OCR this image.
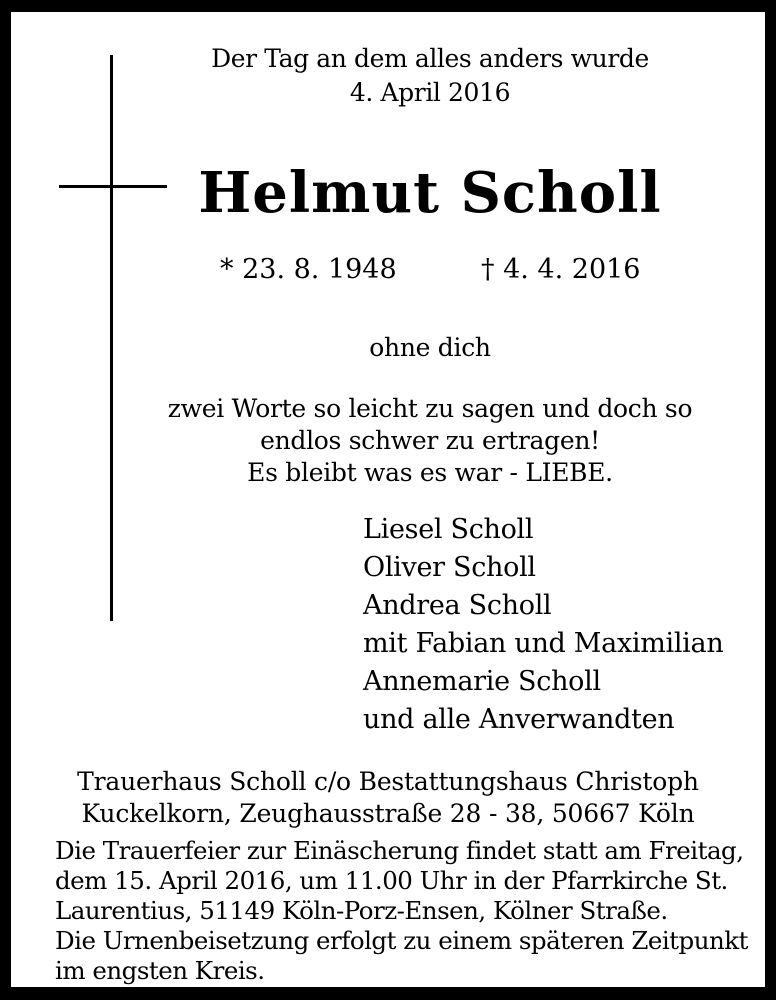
Der Tag an dem alles anders wurde
4. April 2016
Helmut Scholl
* 23. 8. 1948	† 4. 4. 2016
ohne dich
zwei Worte so leicht zu sagen und doch so
endlos schwer zu ertragen!
Es bleibt was es war - LIEBE.
Liesel Scholl
Oliver Scholl
Andrea Scholl
mit Fabian und Maximilian
Annemarie Scholl
und alle Anverwandten
Trauerhaus Scholl c/o Bestattungshaus Christoph
Kuckelkorn, Zeughausstraße 28 - 38, 50667 Köln
Die Trauerfeier zur Einäscherung findet statt am Freitag,
dem 15. April 2016, um 11.00 Uhr in der Pfarrkirche St.
Laurentius, 51149 Köln-Porz-Ensen, Kölner Straße.
Die Urnenbeisetzung erfolgt zu einem späteren Zeitpunkt
im engsten Kreis.
